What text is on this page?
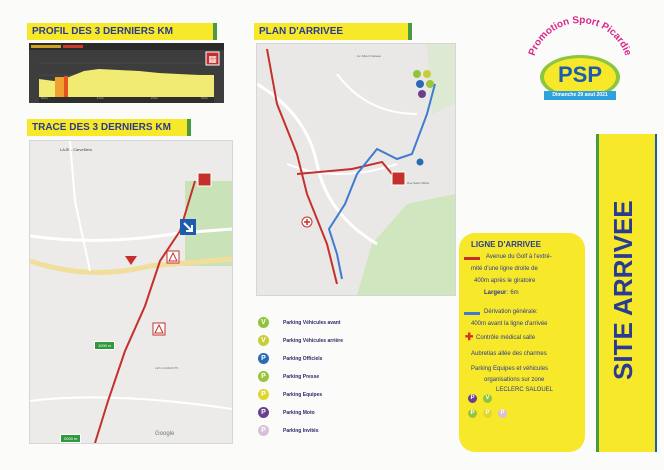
PROFIL DES 3 DERNIERS KM
▦
0 km	1 km	2 km	3 km
TRACE DES 3 DERNIERS KM
LAJE - Carvelliers
LES GUARANTS
1000 m
2000 m
Google
PLAN D'ARRIVEE
Av. Albert Catteau
Rue Saint-Tabbe
Promotion Sport Picardie
PSP
Dimanche 29 aout 2021
V	Parking Véhicules avant
V	Parking Véhicules arrière
P	Parking Officiels
P	Parking Presse
P	Parking Equipes
P	Parking Moto
P	Parking Invités
LIGNE D'ARRIVEE
Avenue du Golf à l'extré-
mité d'une ligne droite de
400m après le giratoire
Largeur : 6m
Dérivation générale:
400m avant la ligne d'arrivée
✚ Contrôle médical salle
Aubretias allée des charmes
Parking Equipes et véhicules
organisations sur zone
LECLERC SALOUEL
P	V
P	P	P
SITE ARRIVEE
